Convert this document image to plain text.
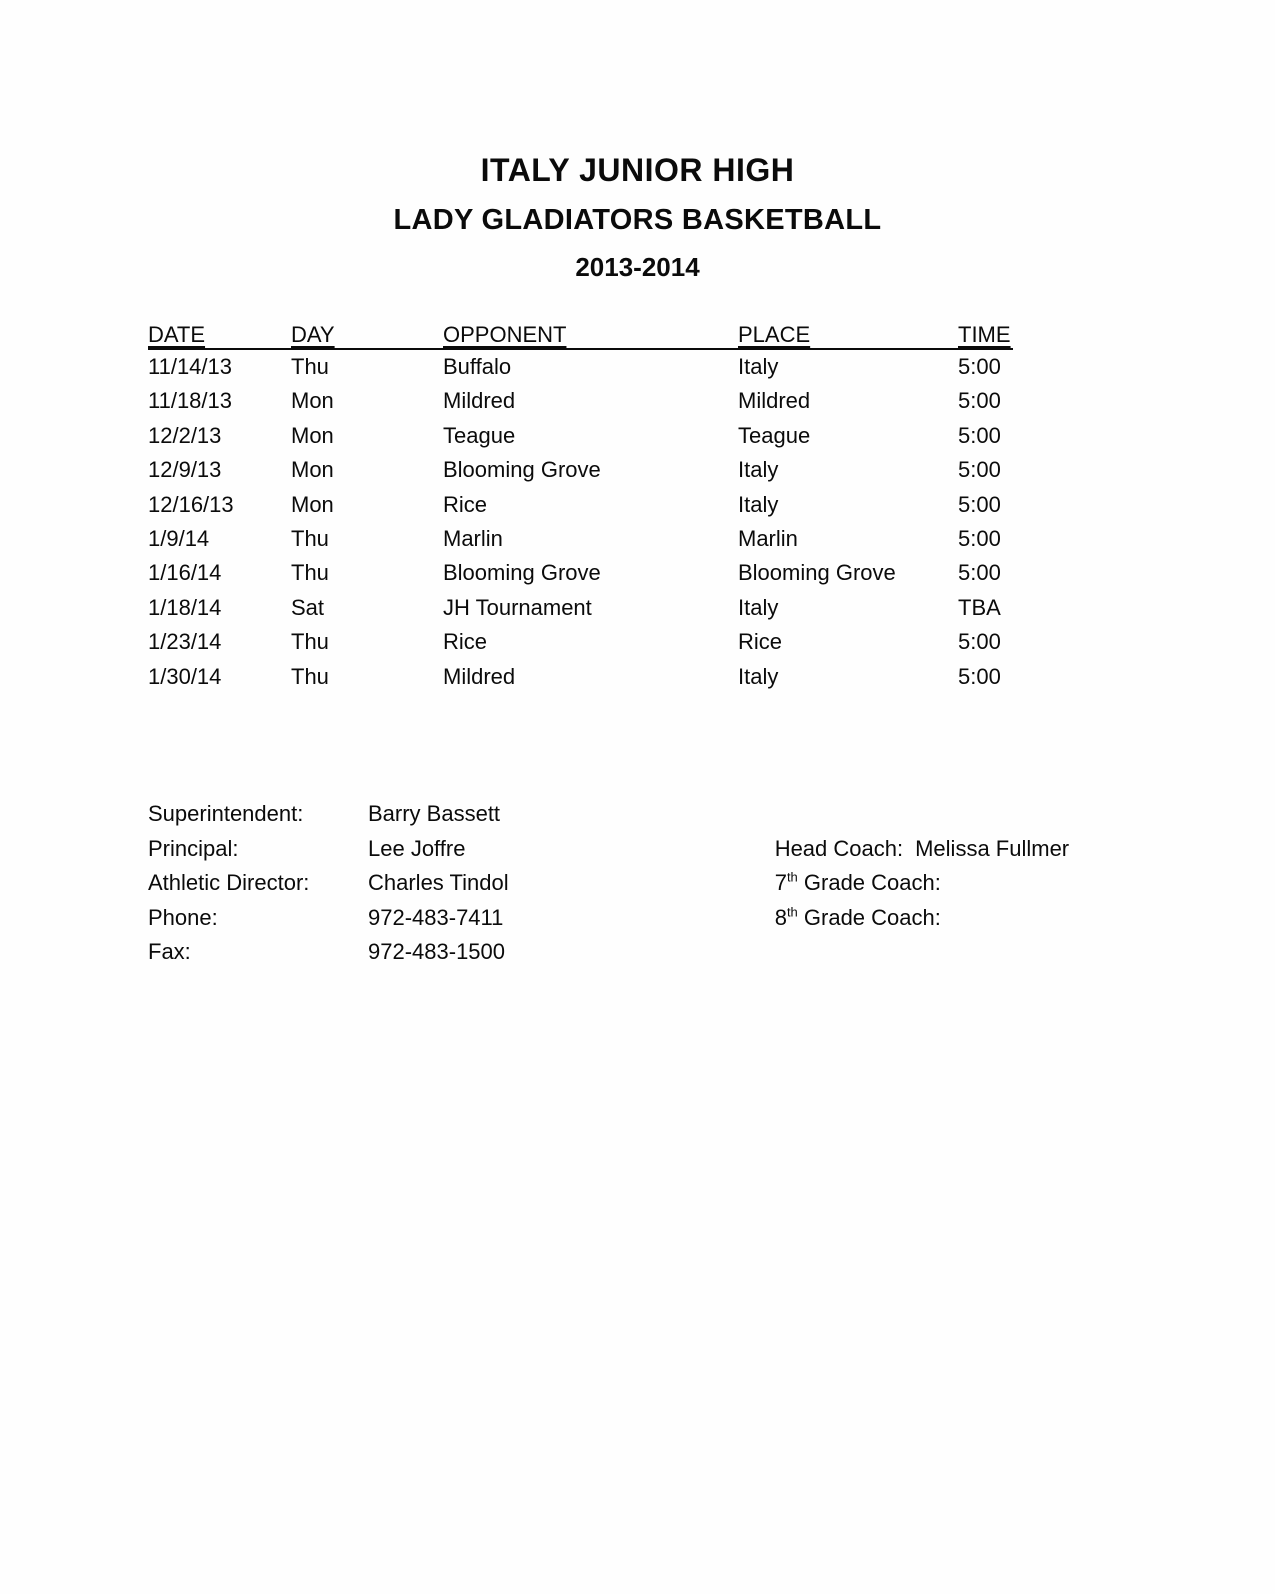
ITALY JUNIOR HIGH
LADY GLADIATORS BASKETBALL
2013-2014
DATE	DAY	OPPONENT	PLACE	TIME
11/14/13	Thu	Buffalo	Italy	5:00
11/18/13	Mon	Mildred	Mildred	5:00
12/2/13	Mon	Teague	Teague	5:00
12/9/13	Mon	Blooming Grove	Italy	5:00
12/16/13	Mon	Rice	Italy	5:00
1/9/14	Thu	Marlin	Marlin	5:00
1/16/14	Thu	Blooming Grove	Blooming Grove	5:00
1/18/14	Sat	JH Tournament	Italy	TBA
1/23/14	Thu	Rice	Rice	5:00
1/30/14	Thu	Mildred	Italy	5:00
Superintendent:	Barry Bassett
Principal:	Lee Joffre
Athletic Director:	Charles Tindol
Phone:	972-483-7411
Fax:	972-483-1500

Head Coach: Melissa Fullmer

7th Grade Coach:

8th Grade Coach:
